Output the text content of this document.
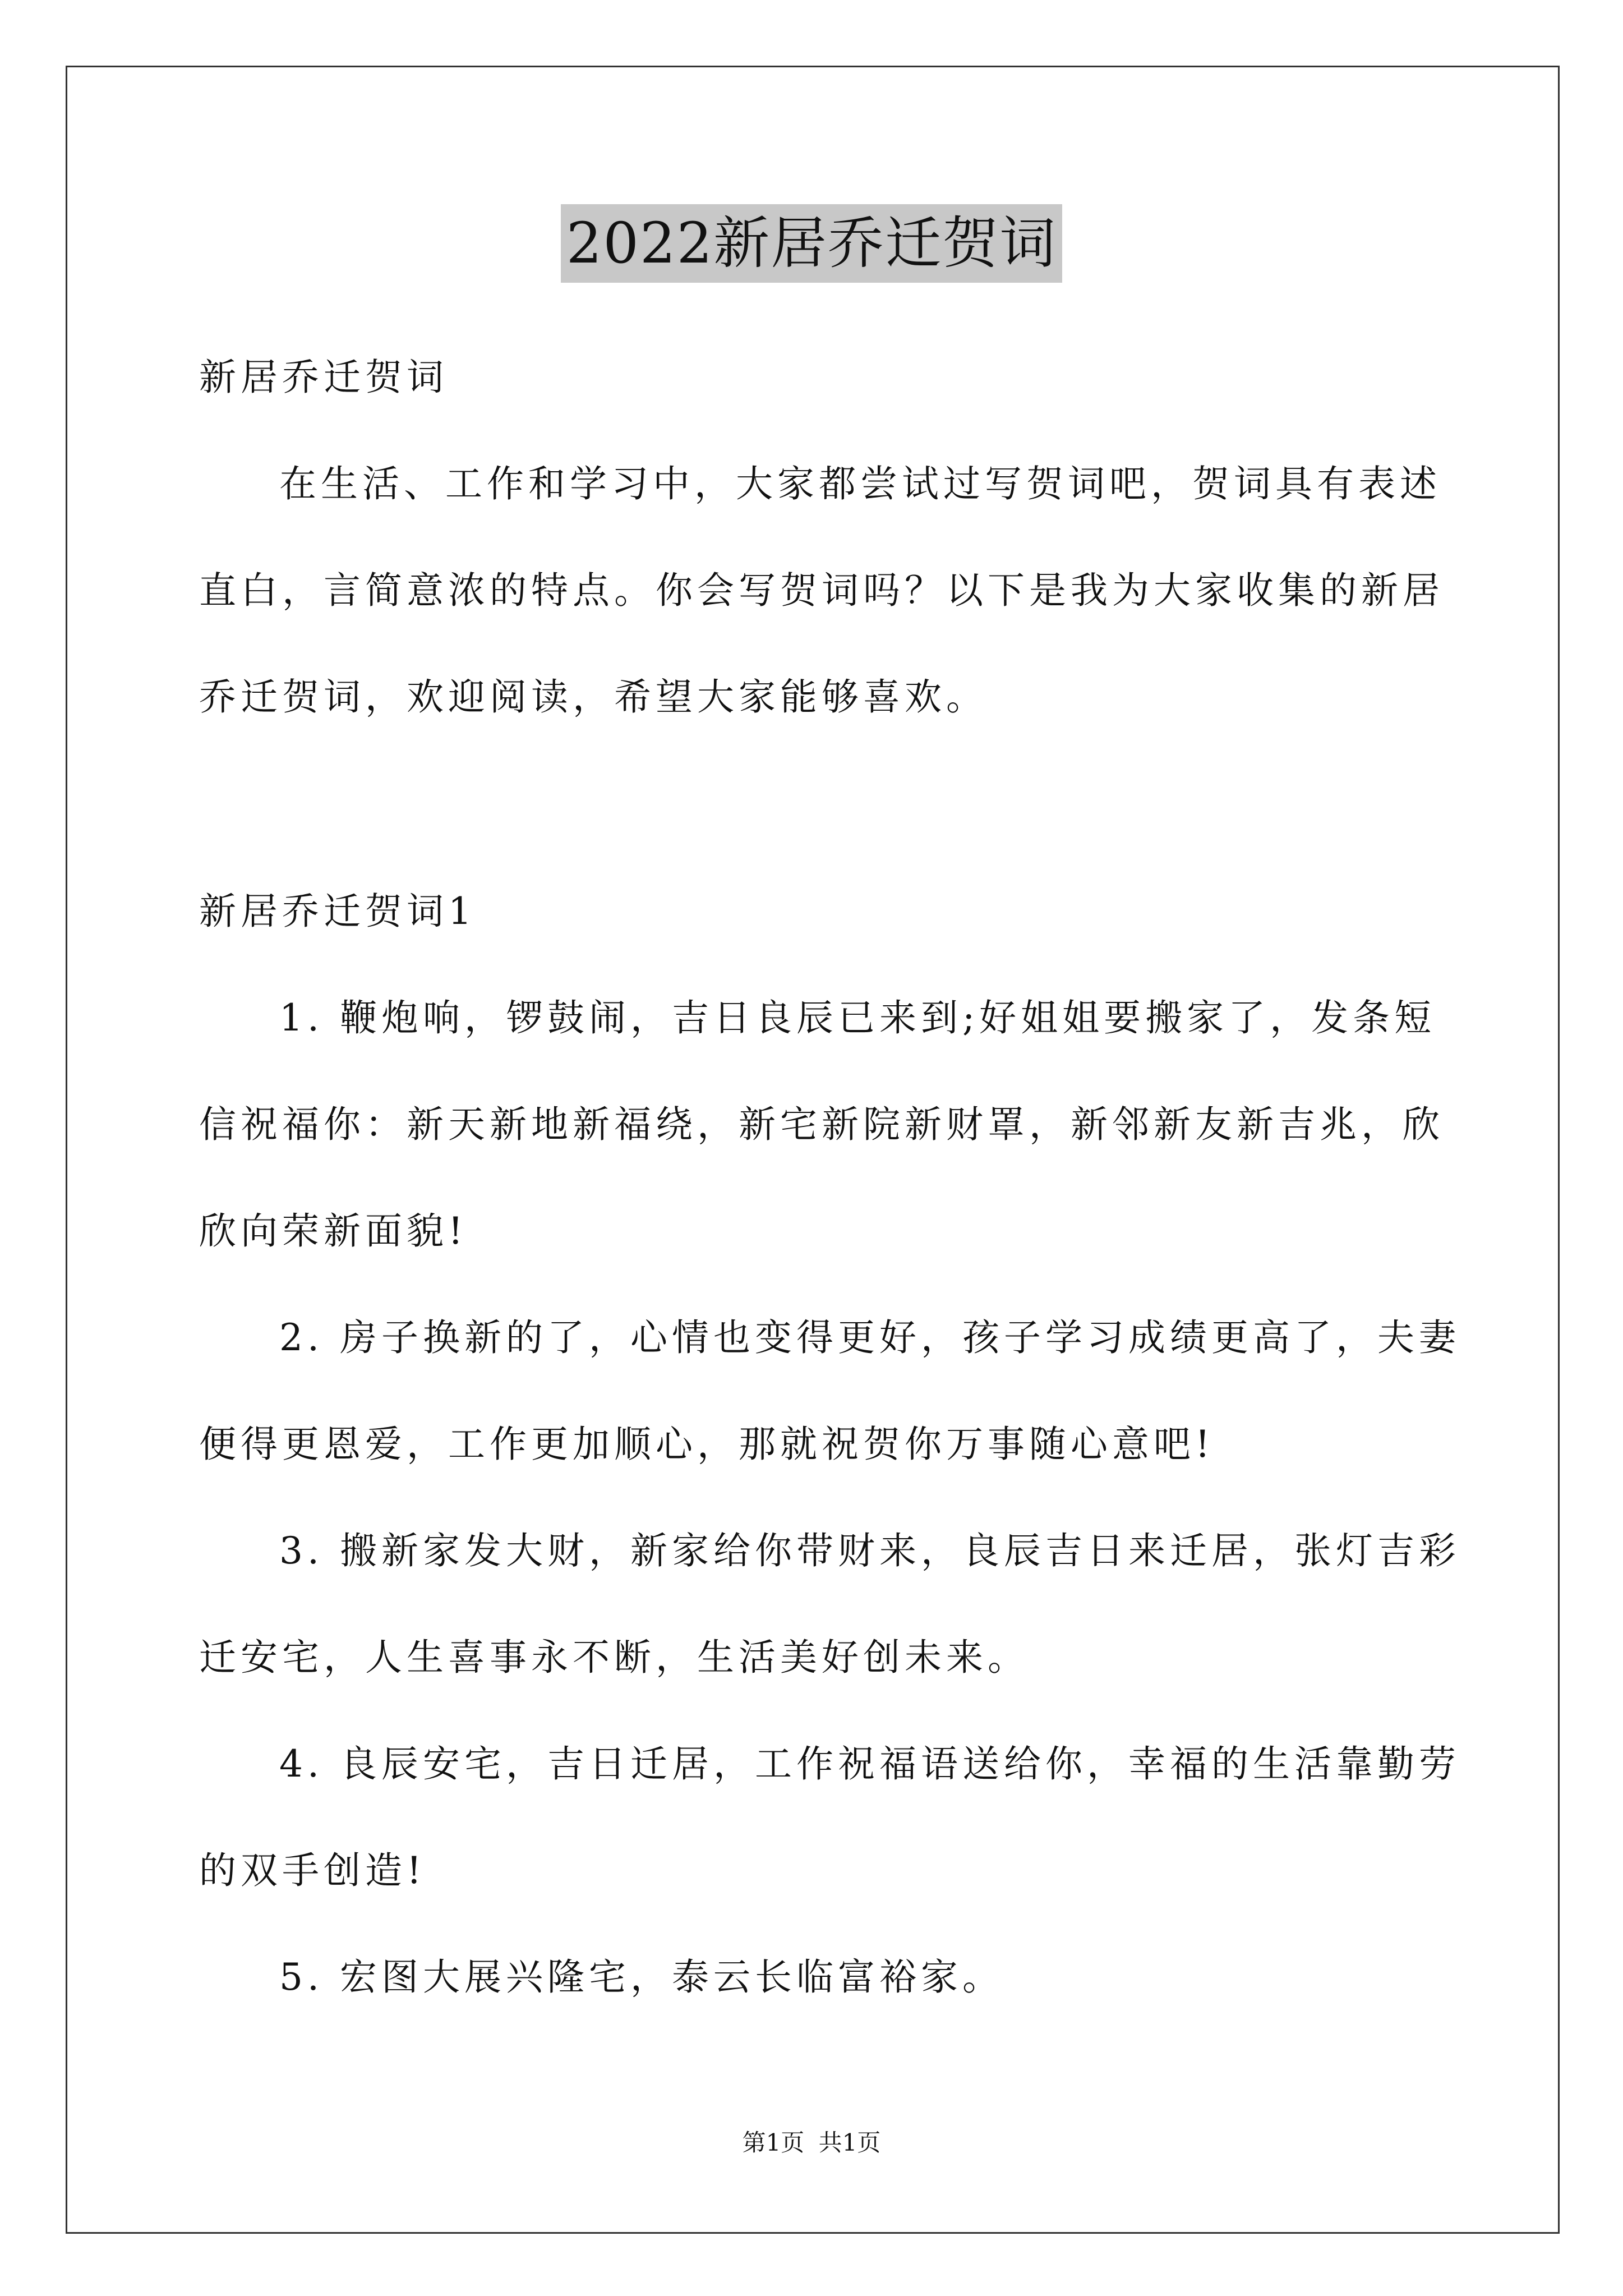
2022新居乔迁贺词
新居乔迁贺词
在生活、工作和学习中，大家都尝试过写贺词吧，贺词具有表述
直白，言简意浓的特点。你会写贺词吗？以下是我为大家收集的新居
乔迁贺词，欢迎阅读，希望大家能够喜欢。
新居乔迁贺词1
1. 鞭炮响，锣鼓闹，吉日良辰已来到;好姐姐要搬家了，发条短
信祝福你：新天新地新福绕，新宅新院新财罩，新邻新友新吉兆，欣
欣向荣新面貌!
2. 房子换新的了，心情也变得更好，孩子学习成绩更高了，夫妻
便得更恩爱，工作更加顺心，那就祝贺你万事随心意吧!
3. 搬新家发大财，新家给你带财来，良辰吉日来迁居，张灯吉彩
迁安宅，人生喜事永不断，生活美好创未来。
4. 良辰安宅，吉日迁居，工作祝福语送给你，幸福的生活靠勤劳
的双手创造!
5. 宏图大展兴隆宅，泰云长临富裕家。
第1页 共1页
